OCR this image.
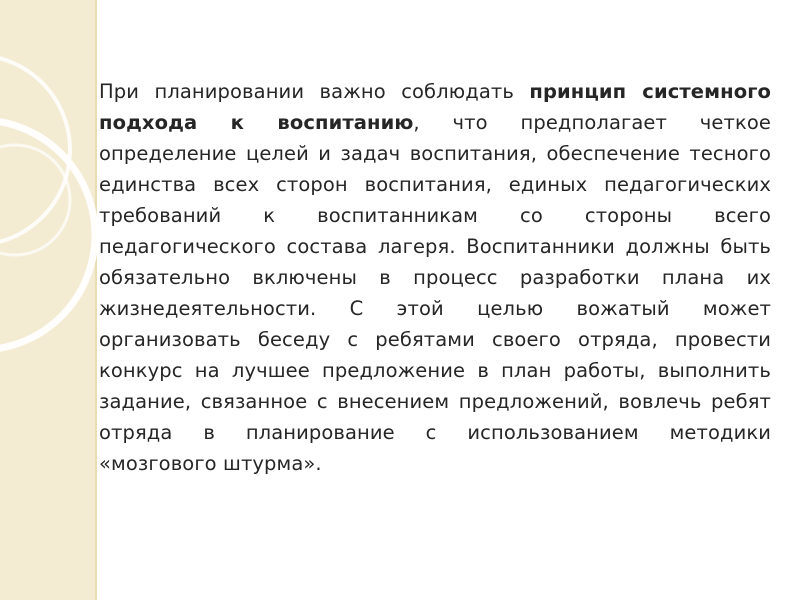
При планировании важно соблюдать принцип системного подхода к воспитанию, что предполагает четкое определение целей и задач воспитания, обеспечение тесного единства всех сторон воспитания, единых педагогических требований к воспитанникам со стороны всего педагогического состава лагеря. Воспитанники должны быть обязательно включены в процесс разработки плана их жизнедеятельности. С этой целью вожатый может организовать беседу с ребятами своего отряда, провести конкурс на лучшее предложение в план работы, выполнить задание, связанное с внесением предложений, вовлечь ребят отряда в планирование с использованием методики «мозгового штурма».
